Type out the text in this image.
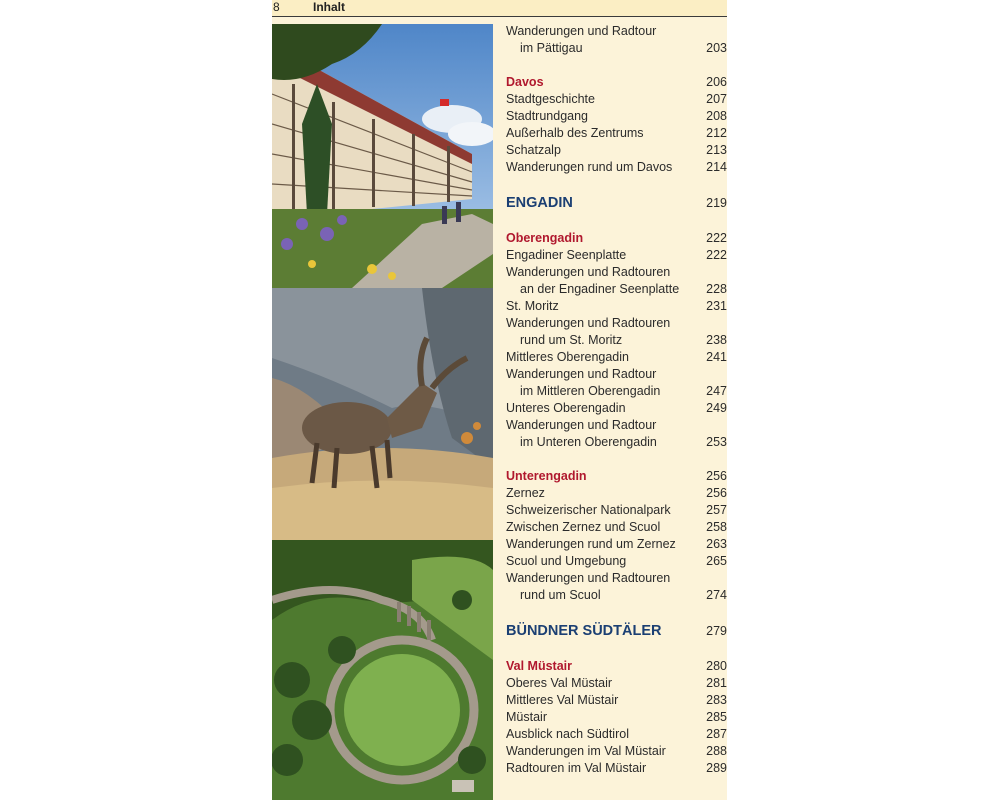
8	Inhalt
Wanderungen und Radtour
im Pättigau	203
Davos	206
Stadtgeschichte	207
Stadtrundgang	208
Außerhalb des Zentrums	212
Schatzalp	213
Wanderungen rund um Davos	214
ENGADIN	219
Oberengadin	222
Engadiner Seenplatte	222
Wanderungen und Radtouren
an der Engadiner Seenplatte 228
St. Moritz	231
Wanderungen und Radtouren
rund um St. Moritz	238
Mittleres Oberengadin	241
Wanderungen und Radtour
im Mittleren Oberengadin	247
Unteres Oberengadin	249
Wanderungen und Radtour
im Unteren Oberengadin	253
Unterengadin	256
Zernez	256
Schweizerischer Nationalpark	257
Zwischen Zernez und Scuol	258
Wanderungen rund um Zernez 263
Scuol und Umgebung	265
Wanderungen und Radtouren
rund um Scuol	274
BÜNDNER SÜDTÄLER	279
Val Müstair	280
Oberes Val Müstair	281
Mittleres Val Müstair	283
Müstair	285
Ausblick nach Südtirol	287
Wanderungen im Val Müstair	288
Radtouren im Val Müstair	289
